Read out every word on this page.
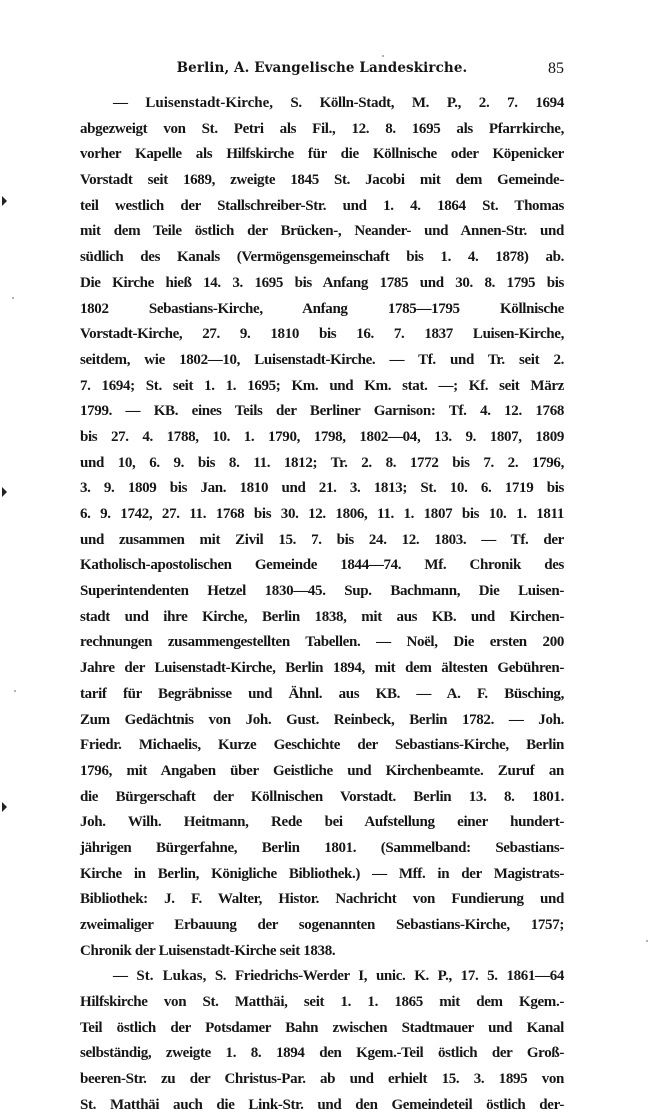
Berlin, A. Evangelische Landeskirche.	85
— Luisenstadt-Kirche, S. Kölln-Stadt, M. P., 2. 7. 1694
abgezweigt von St. Petri als Fil., 12. 8. 1695 als Pfarrkirche,
vorher Kapelle als Hilfskirche für die Köllnische oder Köpenicker
Vorstadt seit 1689, zweigte 1845 St. Jacobi mit dem Gemeinde-
teil westlich der Stallschreiber-Str. und 1. 4. 1864 St. Thomas
mit dem Teile östlich der Brücken-, Neander- und Annen-Str. und
südlich des Kanals (Vermögensgemeinschaft bis 1. 4. 1878) ab.
Die Kirche hieß 14. 3. 1695 bis Anfang 1785 und 30. 8. 1795 bis
1802 Sebastians-Kirche, Anfang 1785—1795 Köllnische
Vorstadt-Kirche, 27. 9. 1810 bis 16. 7. 1837 Luisen-Kirche,
seitdem, wie 1802—10, Luisenstadt-Kirche. — Tf. und Tr. seit 2.
7. 1694; St. seit 1. 1. 1695; Km. und Km. stat. —; Kf. seit März
1799. — KB. eines Teils der Berliner Garnison: Tf. 4. 12. 1768
bis 27. 4. 1788, 10. 1. 1790, 1798, 1802—04, 13. 9. 1807, 1809
und 10, 6. 9. bis 8. 11. 1812; Tr. 2. 8. 1772 bis 7. 2. 1796,
3. 9. 1809 bis Jan. 1810 und 21. 3. 1813; St. 10. 6. 1719 bis
6. 9. 1742, 27. 11. 1768 bis 30. 12. 1806, 11. 1. 1807 bis 10. 1. 1811
und zusammen mit Zivil 15. 7. bis 24. 12. 1803. — Tf. der
Katholisch-apostolischen Gemeinde 1844—74. Mf. Chronik des
Superintendenten Hetzel 1830—45. Sup. Bachmann, Die Luisen-
stadt und ihre Kirche, Berlin 1838, mit aus KB. und Kirchen-
rechnungen zusammengestellten Tabellen. — Noël, Die ersten 200
Jahre der Luisenstadt-Kirche, Berlin 1894, mit dem ältesten Gebühren-
tarif für Begräbnisse und Ähnl. aus KB. — A. F. Büsching,
Zum Gedächtnis von Joh. Gust. Reinbeck, Berlin 1782. — Joh.
Friedr. Michaelis, Kurze Geschichte der Sebastians-Kirche, Berlin
1796, mit Angaben über Geistliche und Kirchenbeamte. Zuruf an
die Bürgerschaft der Köllnischen Vorstadt. Berlin 13. 8. 1801.
Joh. Wilh. Heitmann, Rede bei Aufstellung einer hundert-
jährigen Bürgerfahne, Berlin 1801. (Sammelband: Sebastians-
Kirche in Berlin, Königliche Bibliothek.) — Mff. in der Magistrats-
Bibliothek: J. F. Walter, Histor. Nachricht von Fundierung und
zweimaliger Erbauung der sogenannten Sebastians-Kirche, 1757;
Chronik der Luisenstadt-Kirche seit 1838.
— St. Lukas, S. Friedrichs-Werder I, unic. K. P., 17. 5. 1861—64
Hilfskirche von St. Matthäi, seit 1. 1. 1865 mit dem Kgem.-
Teil östlich der Potsdamer Bahn zwischen Stadtmauer und Kanal
selbständig, zweigte 1. 8. 1894 den Kgem.-Teil östlich der Groß-
beeren-Str. zu der Christus-Par. ab und erhielt 15. 3. 1895 von
St. Matthäi auch die Link-Str. und den Gemeindeteil östlich der-
